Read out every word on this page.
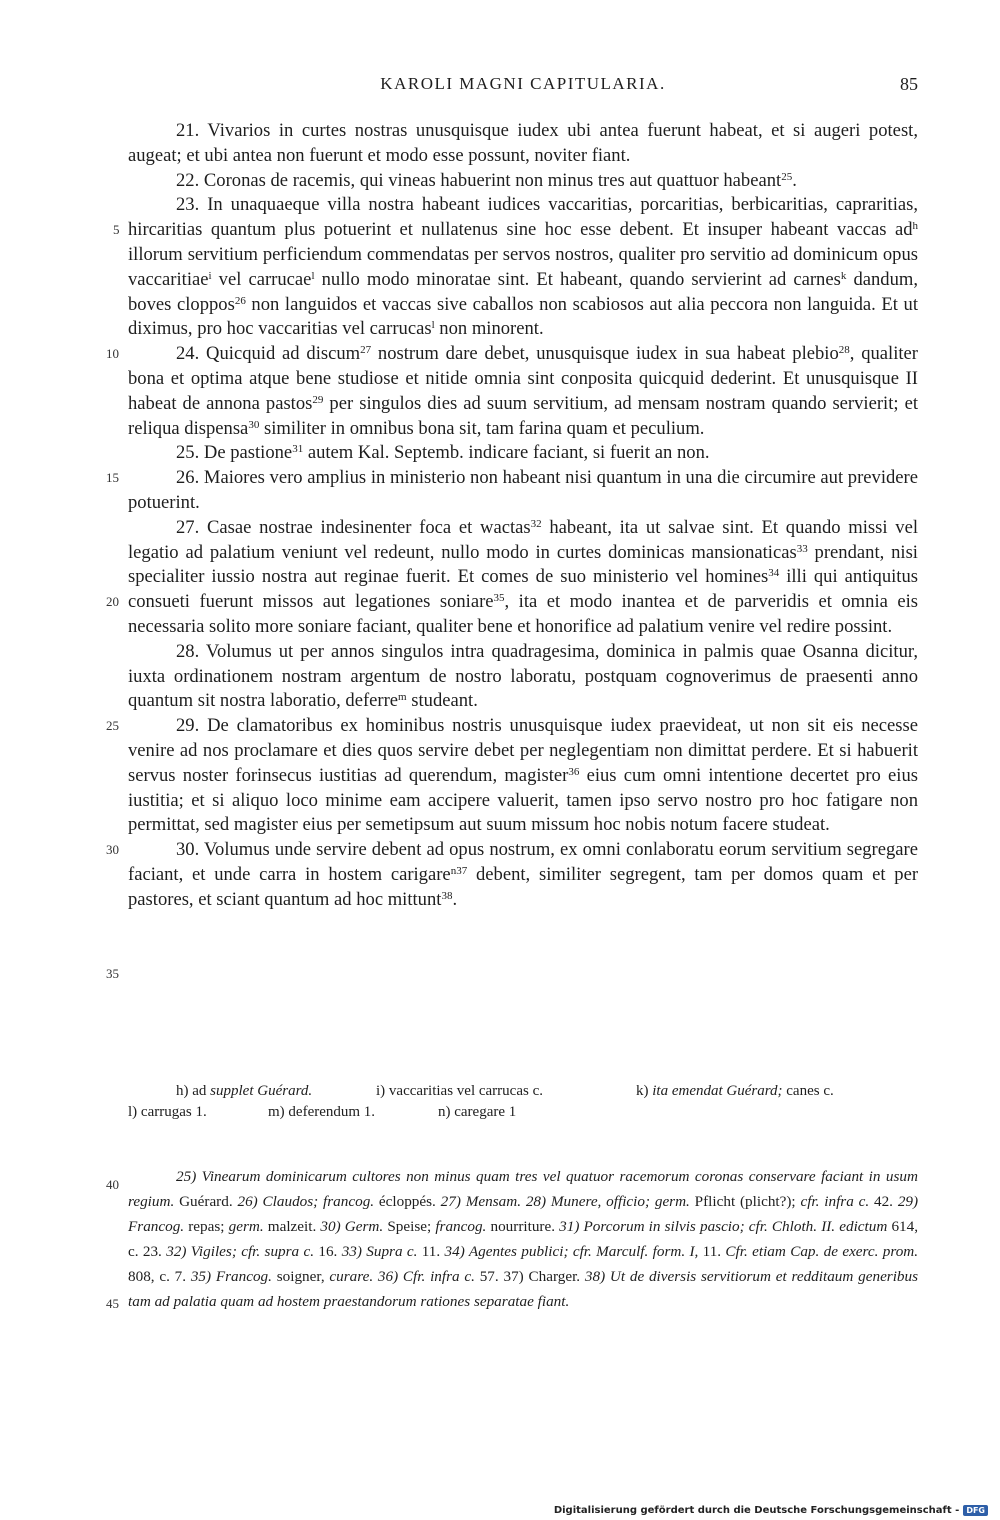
KAROLI MAGNI CAPITULARIA.	85
5
10
15
20
25
30
35
40
45

21. Vivarios in curtes nostras unusquisque iudex ubi antea fuerunt habeat, et si augeri potest, augeat; et ubi antea non fuerunt et modo esse possunt, noviter fiant.

22. Coronas de racemis, qui vineas habuerint non minus tres aut quattuor habeant$^{25}$.

23. In unaquaeque villa nostra habeant iudices vaccaritias, porcaritias, berbicaritias, capraritias, hircaritias quantum plus potuerint et nullatenus sine hoc esse debent. Et insuper habeant vaccas $ad^h$ illorum servitium perficiendum commendatas per servos nostros, qualiter pro servitio ad dominicum opus vaccaritiae$^i$ vel carrucae$^l$ nullo modo minoratae sint. Et habeant, quando servierint ad carnes$^k$ dandum, boves cloppos$^{26}$ non languidos et vaccas sive caballos non scabiosos aut alia peccora non languida. Et ut diximus, pro hoc vaccaritias vel carrucas$^l$ non minorent.

24. Quicquid ad discum$^{27}$ nostrum dare debet, unusquisque iudex in sua habeat plebio$^{28}$, qualiter bona et optima atque bene studiose et nitide omnia sint conposita quicquid dederint. Et unusquisque II habeat de annona pastos$^{29}$ per singulos dies ad suum servitium, ad mensam nostram quando servierit; et reliqua dispensa$^{30}$ similiter in omnibus bona sit, tam farina quam et peculium.

25. De pastione$^{31}$ autem Kal. Septemb. indicare faciant, si fuerit an non.

26. Maiores vero amplius in ministerio non habeant nisi quantum in una die circumire aut previdere potuerint.

27. Casae nostrae indesinenter foca et wactas$^{32}$ habeant, ita ut salvae sint. Et quando missi vel legatio ad palatium veniunt vel redeunt, nullo modo in curtes dominicas mansionaticas$^{33}$ prendant, nisi specialiter iussio nostra aut reginae fuerit. Et comes de suo ministerio vel homines$^{34}$ illi qui antiquitus consueti fuerunt missos aut legationes soniare$^{35}$, ita et modo inantea et de parveridis et omnia eis necessaria solito more soniare faciant, qualiter bene et honorifice ad palatium venire vel redire possint.

28. Volumus ut per annos singulos intra quadragesima, dominica in palmis quae Osanna dicitur, iuxta ordinationem nostram argentum de nostro laboratu, postquam cognoverimus de praesenti anno quantum sit nostra laboratio, deferre$^m$ studeant.

29. De clamatoribus ex hominibus nostris unusquisque iudex praevideat, ut non sit eis necesse venire ad nos proclamare et dies quos servire debet per neglegentiam non dimittat perdere. Et si habuerit servus noster forinsecus iustitias ad querendum, magister$^{36}$ eius cum omni intentione decertet pro eius iustitia; et si aliquo loco minime eam accipere valuerit, tamen ipso servo nostro pro hoc fatigare non permittat, sed magister eius per semetipsum aut suum missum hoc nobis notum facere studeat.

30. Volumus unde servire debent ad opus nostrum, ex omni conlaboratu eorum servitium segregare faciant, et unde carra in hostem carigare$^{n37}$ debent, similiter segregent, tam per domos quam et per pastores, et sciant quantum ad hoc mittunt$^{38}$.

h) ad supplet Guérard.	i) vaccaritias vel carrucas c.	k) ita emendat Guérard; canes c.
l) carrugas 1.	m) deferendum 1.	n) caregare 1

25) Vinearum dominicarum cultores non minus quam tres vel quatuor racemorum coronas conservare faciant in usum regium. Guérard. 26) Claudos; francog. écloppés. 27) Mensam. 28) Munere, officio; germ. Pflicht (plicht?); cfr. infra c. 42. 29) Francog. repas; germ. malzeit. 30) Germ. Speise; francog. nourriture. 31) Porcorum in silvis pascio; cfr. Chloth. II. edictum 614, c. 23. 32) Vigiles; cfr. supra c. 16. 33) Supra c. 11. 34) Agentes publici; cfr. Marculf. form. I, 11. Cfr. etiam Cap. de exerc. prom. 808, c. 7. 35) Francog. soigner, curare. 36) Cfr. infra c. 57. 37) Charger. 38) Ut de diversis servitiorum et redditaum generibus tam ad palatia quam ad hostem praestandorum rationes separatae fiant.

Digitalisierung gefördert durch die Deutsche Forschungsgemeinschaft - DFG
